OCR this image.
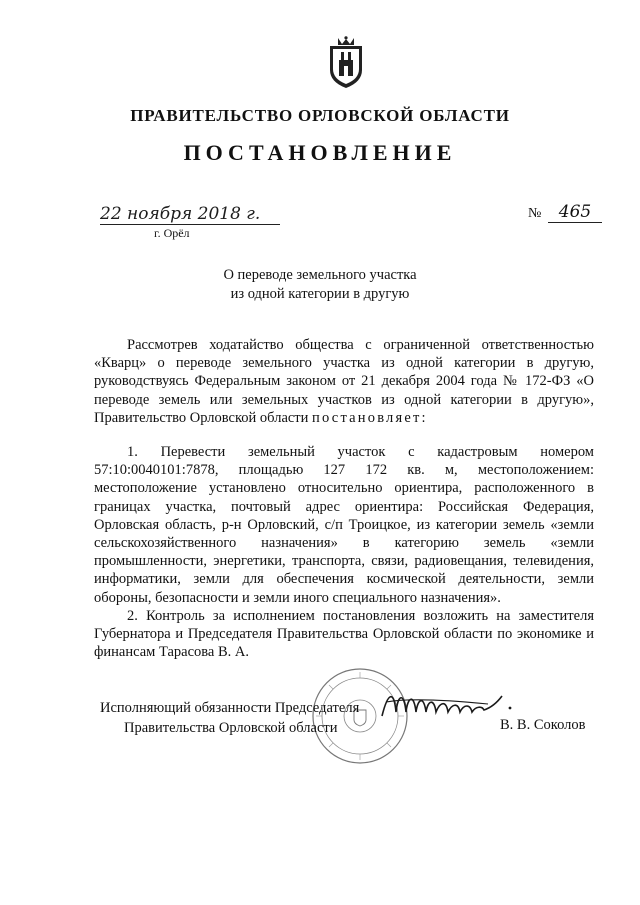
ПРАВИТЕЛЬСТВО ОРЛОВСКОЙ ОБЛАСТИ
ПОСТАНОВЛЕНИЕ
22 ноября 2018 г.	№	465
г. Орёл
О переводе земельного участка
из одной категории в другую

Рассмотрев ходатайство общества с ограниченной ответственностью «Кварц» о переводе земельного участка из одной категории в другую, руководствуясь Федеральным законом от 21 декабря 2004 года № 172-ФЗ «О переводе земель или земельных участков из одной категории в другую», Правительство Орловской области постановляет:

1. Перевести земельный участок с кадастровым номером 57:10:0040101:7878, площадью 127 172 кв. м, местоположением: местоположение установлено относительно ориентира, расположенного в границах участка, почтовый адрес ориентира: Российская Федерация, Орловская область, р-н Орловский, с/п Троицкое, из категории земель «земли сельскохозяйственного назначения» в категорию земель «земли промышленности, энергетики, транспорта, связи, радиовещания, телевидения, информатики, земли для обеспечения космической деятельности, земли обороны, безопасности и земли иного специального назначения».

2. Контроль за исполнением постановления возложить на заместителя Губернатора и Председателя Правительства Орловской области по экономике и финансам Тарасова В. А.

Исполняющий обязанности Председателя
Правительства Орловской области	В. В. Соколов
